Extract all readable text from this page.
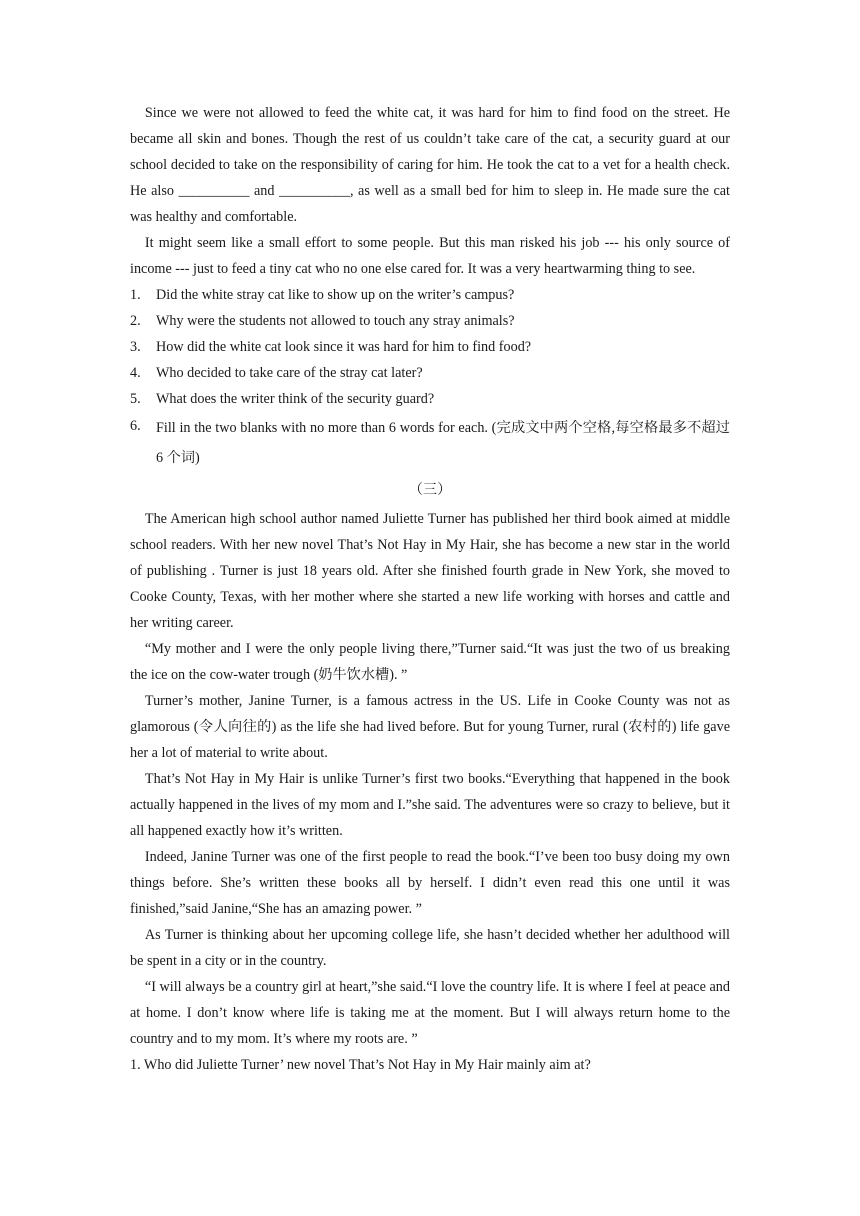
Since we were not allowed to feed the white cat, it was hard for him to find food on the street. He became all skin and bones. Though the rest of us couldn’t take care of the cat, a security guard at our school decided to take on the responsibility of caring for him. He took the cat to a vet for a health check. He also __________ and __________, as well as a small bed for him to sleep in. He made sure the cat was healthy and comfortable.

It might seem like a small effort to some people. But this man risked his job --- his only source of income --- just to feed a tiny cat who no one else cared for. It was a very heartwarming thing to see.

1.	Did the white stray cat like to show up on the writer’s campus?
2.	Why were the students not allowed to touch any stray animals?
3.	How did the white cat look since it was hard for him to find food?
4.	Who decided to take care of the stray cat later?
5.	What does the writer think of the security guard?
6.	Fill in the two blanks with no more than 6 words for each. (完成文中两个空格,每空格最多不超过 6 个词)
（三）

The American high school author named Juliette Turner has published her third book aimed at middle school readers. With her new novel That’s Not Hay in My Hair, she has become a new star in the world of publishing . Turner is just 18 years old. After she finished fourth grade in New York, she moved to Cooke County, Texas, with her mother where she started a new life working with horses and cattle and her writing career.

“My mother and I were the only people living there,”Turner said.“It was just the two of us breaking the ice on the cow-water trough (奶牛饮水槽). ”

Turner’s mother, Janine Turner, is a famous actress in the US. Life in Cooke County was not as glamorous (令人向往的) as the life she had lived before. But for young Turner, rural (农村的) life gave her a lot of material to write about.

That’s Not Hay in My Hair is unlike Turner’s first two books.“Everything that happened in the book actually happened in the lives of my mom and I.”she said. The adventures were so crazy to believe, but it all happened exactly how it’s written.

Indeed, Janine Turner was one of the first people to read the book.“I’ve been too busy doing my own things before. She’s written these books all by herself. I didn’t even read this one until it was finished,”said Janine,“She has an amazing power. ”

As Turner is thinking about her upcoming college life, she hasn’t decided whether her adulthood will be spent in a city or in the country.

“I will always be a country girl at heart,”she said.“I love the country life. It is where I feel at peace and at home. I don’t know where life is taking me at the moment. But I will always return home to the country and to my mom. It’s where my roots are. ”

1. Who did Juliette Turner’ new novel That’s Not Hay in My Hair mainly aim at?
